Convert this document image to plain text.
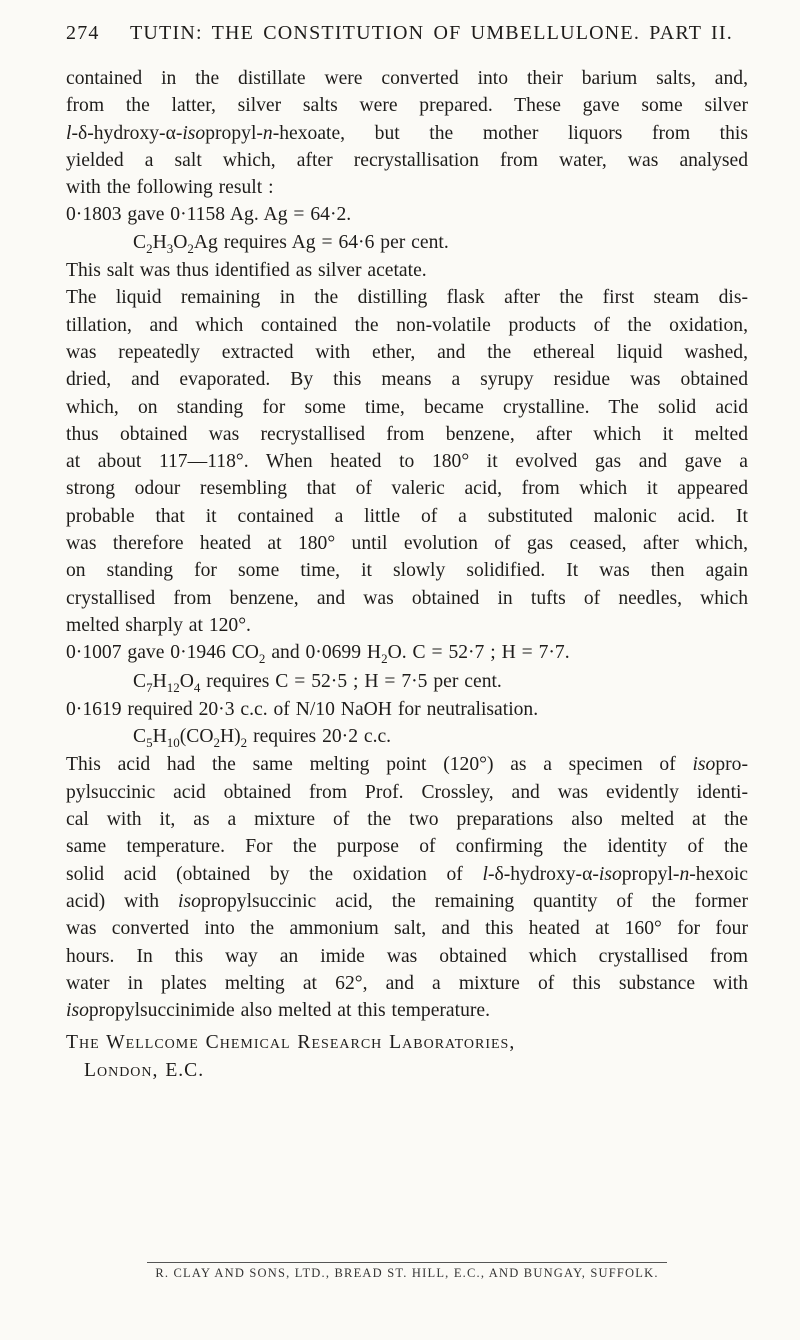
274 TUTIN: THE CONSTITUTION OF UMBELLULONE. PART II.

contained in the distillate were converted into their barium salts, and,

from the latter, silver salts were prepared. These gave some silver

l-δ-hydroxy-α-isopropyl-n-hexoate, but the mother liquors from this

yielded a salt which, after recrystallisation from water, was analysed

with the following result :

0·1803 gave 0·1158 Ag. Ag = 64·2.

$C_2H_3O_2Ag$ requires Ag = 64·6 per cent.

This salt was thus identified as silver acetate.

The liquid remaining in the distilling flask after the first steam dis-

tillation, and which contained the non-volatile products of the oxidation,

was repeatedly extracted with ether, and the ethereal liquid washed,

dried, and evaporated. By this means a syrupy residue was obtained

which, on standing for some time, became crystalline. The solid acid

thus obtained was recrystallised from benzene, after which it melted

at about 117—118°. When heated to 180° it evolved gas and gave a

strong odour resembling that of valeric acid, from which it appeared

probable that it contained a little of a substituted malonic acid. It

was therefore heated at 180° until evolution of gas ceased, after which,

on standing for some time, it slowly solidified. It was then again

crystallised from benzene, and was obtained in tufts of needles, which

melted sharply at 120°.

0·1007 gave 0·1946 $CO_2$ and 0·0699 $H_2O$. C = 52·7 ; H = 7·7.

$C_7H_{12}O_4$ requires C = 52·5 ; H = 7·5 per cent.

0·1619 required 20·3 c.c. of N/10 NaOH for neutralisation.

$C_5H_{10}(CO_2H)_2$ requires 20·2 c.c.

This acid had the same melting point (120°) as a specimen of isopro-

pylsuccinic acid obtained from Prof. Crossley, and was evidently identi-

cal with it, as a mixture of the two preparations also melted at the

same temperature. For the purpose of confirming the identity of the

solid acid (obtained by the oxidation of l-δ-hydroxy-α-isopropyl-n-hexoic

acid) with isopropylsuccinic acid, the remaining quantity of the former

was converted into the ammonium salt, and this heated at 160° for four

hours. In this way an imide was obtained which crystallised from

water in plates melting at 62°, and a mixture of this substance with

isopropylsuccinimide also melted at this temperature.

The Wellcome Chemical Research Laboratories,

London, E.C.

R. CLAY AND SONS, LTD., BREAD ST. HILL, E.C., AND BUNGAY, SUFFOLK.
